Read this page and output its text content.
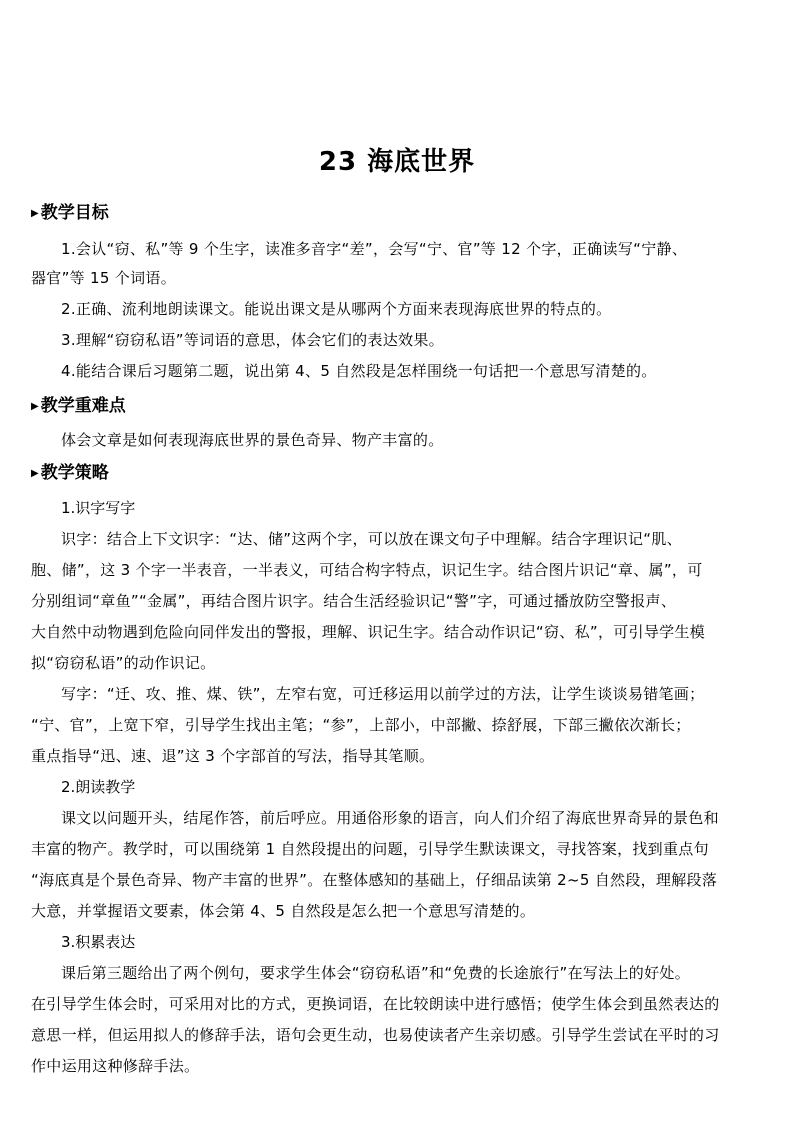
23 海底世界
▶ 教学目标
1.会认“窃、私”等 9 个生字，读准多音字“差”，会写“宁、官”等 12 个字，正确读写“宁静、
器官”等 15 个词语。
2.正确、流利地朗读课文。能说出课文是从哪两个方面来表现海底世界的特点的。
3.理解“窃窃私语”等词语的意思，体会它们的表达效果。
4.能结合课后习题第二题，说出第 4、5 自然段是怎样围绕一句话把一个意思写清楚的。
▶ 教学重难点
体会文章是如何表现海底世界的景色奇异、物产丰富的。
▶ 教学策略
1.识字写字
识字：结合上下文识字：“达、储”这两个字，可以放在课文句子中理解。结合字理识记“肌、
胞、储”，这 3 个字一半表音，一半表义，可结合构字特点，识记生字。结合图片识记“章、属”，可
分别组词“章鱼”“金属”，再结合图片识字。结合生活经验识记“警”字，可通过播放防空警报声、
大自然中动物遇到危险向同伴发出的警报，理解、识记生字。结合动作识记“窃、私”，可引导学生模
拟“窃窃私语”的动作识记。
写字：“迁、攻、推、煤、铁”，左窄右宽，可迁移运用以前学过的方法，让学生谈谈易错笔画；
“宁、官”，上宽下窄，引导学生找出主笔；“参”，上部小，中部撇、捺舒展，下部三撇依次渐长；
重点指导“迅、速、退”这 3 个字部首的写法，指导其笔顺。
2.朗读教学
课文以问题开头，结尾作答，前后呼应。用通俗形象的语言，向人们介绍了海底世界奇异的景色和
丰富的物产。教学时，可以围绕第 1 自然段提出的问题，引导学生默读课文，寻找答案，找到重点句
“海底真是个景色奇异、物产丰富的世界”。在整体感知的基础上，仔细品读第 2~5 自然段，理解段落
大意，并掌握语文要素，体会第 4、5 自然段是怎么把一个意思写清楚的。
3.积累表达
课后第三题给出了两个例句，要求学生体会“窃窃私语”和“免费的长途旅行”在写法上的好处。
在引导学生体会时，可采用对比的方式，更换词语，在比较朗读中进行感悟；使学生体会到虽然表达的
意思一样，但运用拟人的修辞手法，语句会更生动，也易使读者产生亲切感。引导学生尝试在平时的习
作中运用这种修辞手法。
